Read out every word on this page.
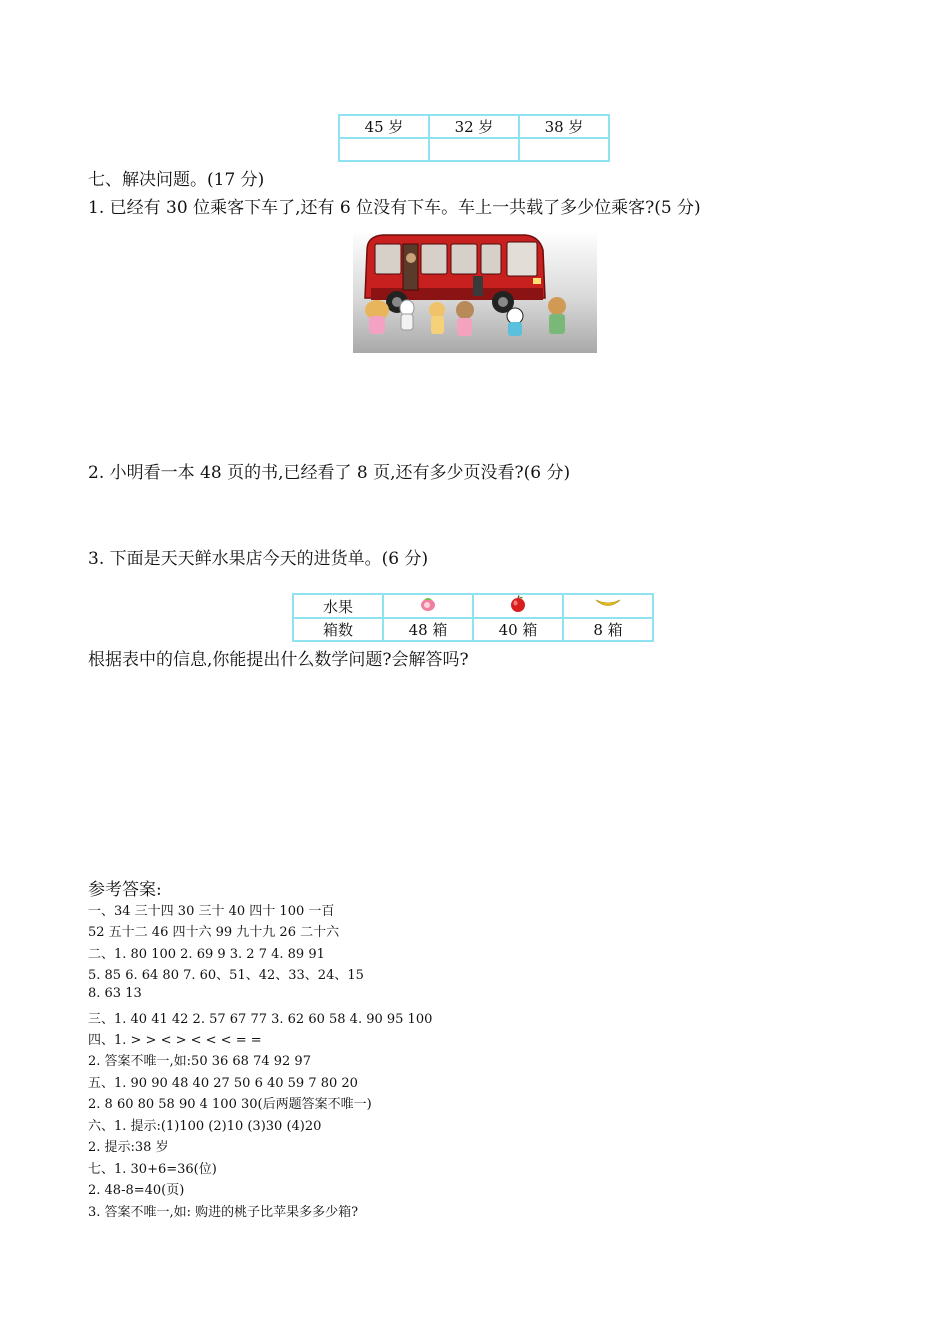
45 岁	32 岁	38 岁

七、解决问题。(17 分)
1. 已经有 30 位乘客下车了,还有 6 位没有下车。车上一共载了多少位乘客?(5 分)
2. 小明看一本 48 页的书,已经看了 8 页,还有多少页没看?(6 分)
3. 下面是天天鲜水果店今天的进货单。(6 分)
水果			
箱数	48 箱	40 箱	8 箱
根据表中的信息,你能提出什么数学问题?会解答吗?
参考答案:
一、34 三十四 30 三十 40 四十 100 一百
52 五十二 46 四十六 99 九十九 26 二十六
二、1. 80 100 2. 69 9 3. 2 7 4. 89 91
5. 85 6. 64 80 7. 60、51、42、33、24、15
8. 63 13
三、1. 40 41 42 2. 57 67 77 3. 62 60 58 4. 90 95 100
四、1. > > < > < < < = =
2. 答案不唯一,如:50 36 68 74 92 97
五、1. 90 90 48 40 27 50 6 40 59 7 80 20
2. 8 60 80 58 90 4 100 30(后两题答案不唯一)
六、1. 提示:(1)100 (2)10 (3)30 (4)20
2. 提示:38 岁
七、1. 30+6=36(位)
2. 48-8=40(页)
3. 答案不唯一,如: 购进的桃子比苹果多多少箱?
